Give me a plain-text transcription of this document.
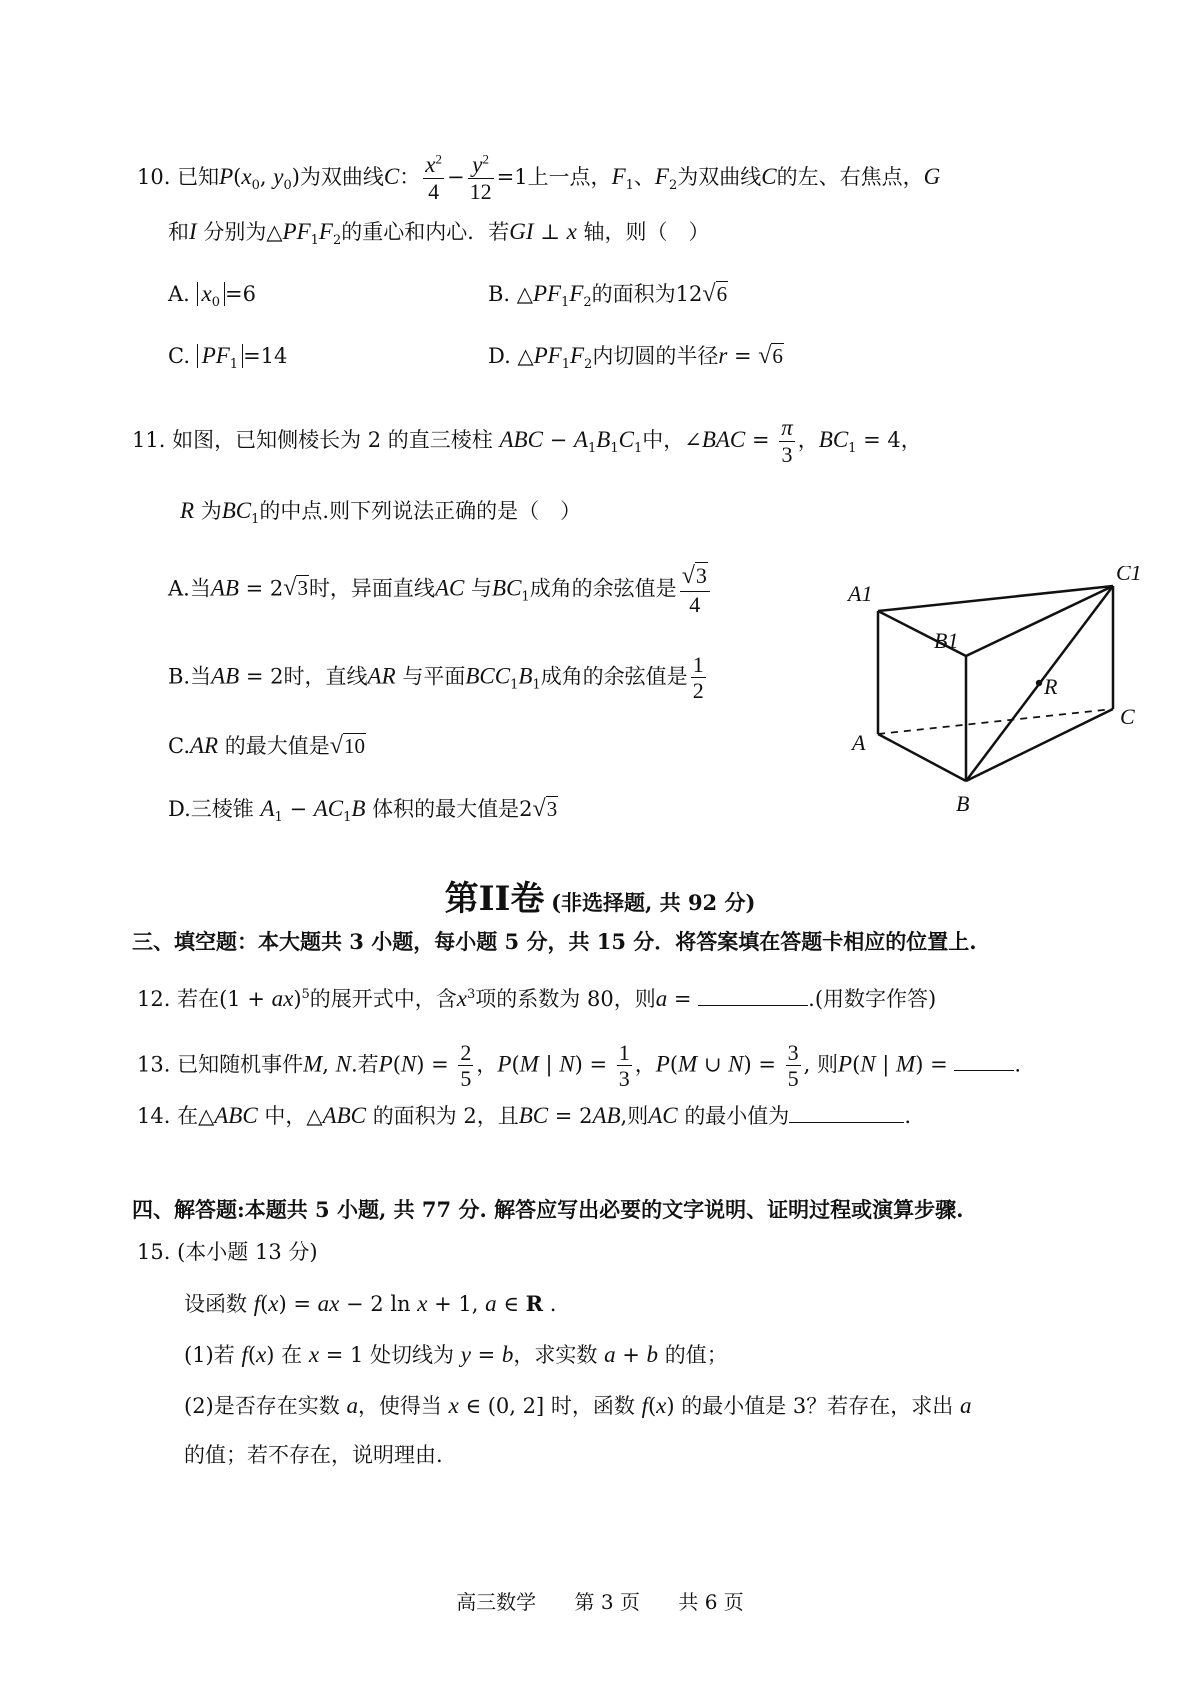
10. 已知$P(x_0$, $y_0$)为双曲线C： $\frac{x^2}{4} - \frac{y^2}{12} =1$上一点，$F_1$、$F_2$为双曲线C的左、右焦点，G
和I 分别为$\triangle PF_1F_2$的重心和内心．若GI ⊥ x 轴，则（　）
A. $x_0 =6$	B. $\triangle PF_1F_2$的面积为12√6
C. $PF_1 =14$	D. $\triangle PF_1F_2$内切圆的半径r = √6
11. 如图，已知侧棱长为 2 的直三棱柱 ABC − $A_1B_1C_1$中，∠BAC = $\frac{\pi}{3}$ ，$BC_1 = 4$，
R 为$BC_1$的中点.则下列说法正确的是（　）
A.当AB = 2√3时，异面直线AC 与$BC_1$成角的余弦值是 $\frac{√3}{4}$
B.当AB = 2时，直线AR 与平面$BCC_1B_1$成角的余弦值是 $\frac{1}{2}$
C.AR 的最大值是√10
D.三棱锥 $A_1 - AC_1B$ 体积的最大值是2√3
A1
C1
B1
R
C
A
B
第II卷 (非选择题, 共 92 分)
三、填空题：本大题共 3 小题，每小题 5 分，共 15 分．将答案填在答题卡相应的位置上.
12. 若在(1 + ax)$^5$的展开式中，含$x^3$项的系数为 80，则a =	.(用数字作答)
13. 已知随机事件M, N.若$P(N) = \frac{2}{5}$ ，P(M | $N) = \frac{1}{3}$ ，P(M ∪ $N) = \frac{3}{5}$ , 则P(N | M) =	.
14. 在△ABC 中，△ABC 的面积为 2，且BC = 2AB,则AC 的最小值为	.
四、解答题:本题共 5 小题, 共 77 分. 解答应写出必要的文字说明、证明过程或演算步骤.
15. (本小题 13 分)
设函数 f(x) = ax − 2 ln x + 1, a ∈ R .
(1)若 f(x) 在 x = 1 处切线为 y = b，求实数 a + b 的值；
(2)是否存在实数 a，使得当 x ∈ (0, 2] 时，函数 f(x) 的最小值是 3？若存在，求出 a
的值；若不存在，说明理由.
高三数学 第 3 页 共 6 页
